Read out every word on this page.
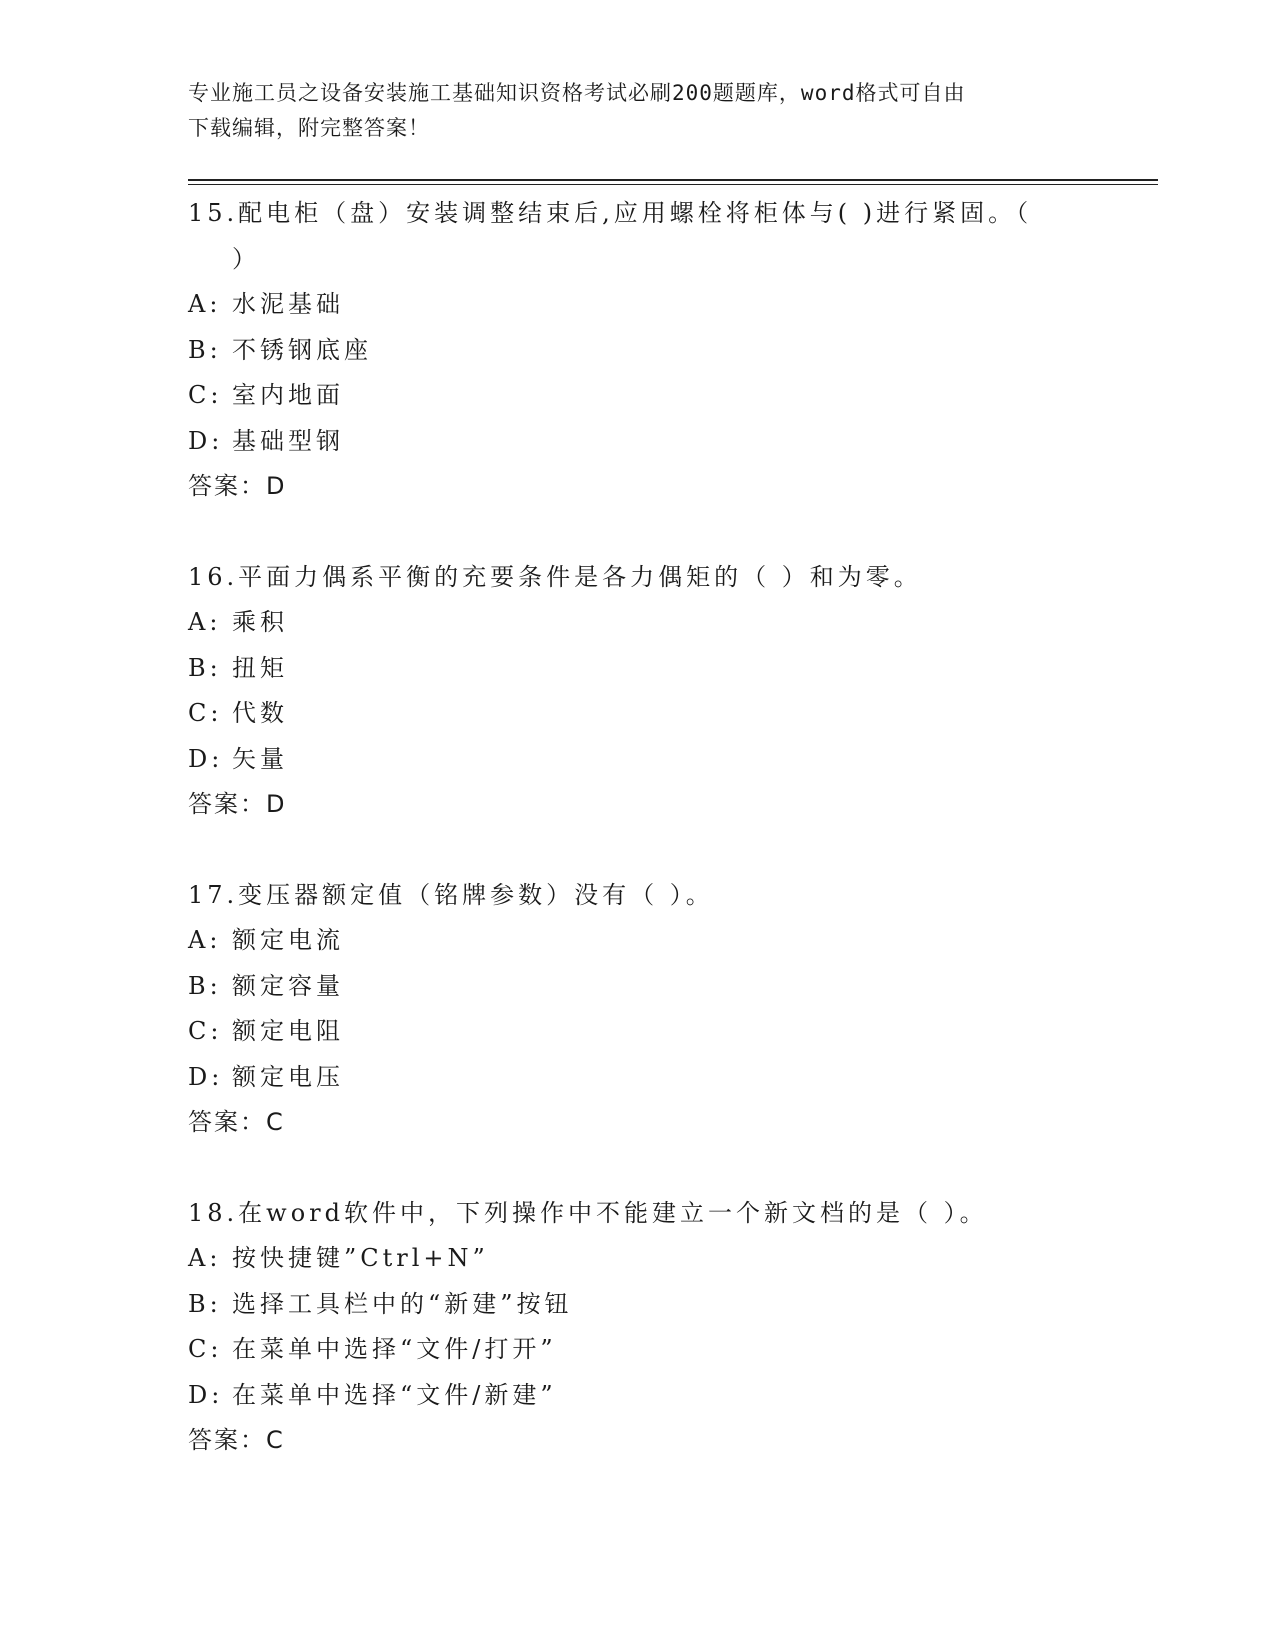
专业施工员之设备安装施工基础知识资格考试必刷200题题库，word格式可自由
下载编辑，附完整答案！
15.配电柜（盘）安装调整结束后,应用螺栓将柜体与( )进行紧固。（
）
A: 水泥基础
B: 不锈钢底座
C: 室内地面
D: 基础型钢
答案：D
16.平面力偶系平衡的充要条件是各力偶矩的（ ）和为零。
A: 乘积
B: 扭矩
C: 代数
D: 矢量
答案：D
17.变压器额定值（铭牌参数）没有（ ）。
A: 额定电流
B: 额定容量
C: 额定电阻
D: 额定电压
答案：C
18.在word软件中，下列操作中不能建立一个新文档的是（ ）。
A: 按快捷键”Ctrl+N”
B: 选择工具栏中的“新建”按钮
C: 在菜单中选择“文件/打开”
D: 在菜单中选择“文件/新建”
答案：C
